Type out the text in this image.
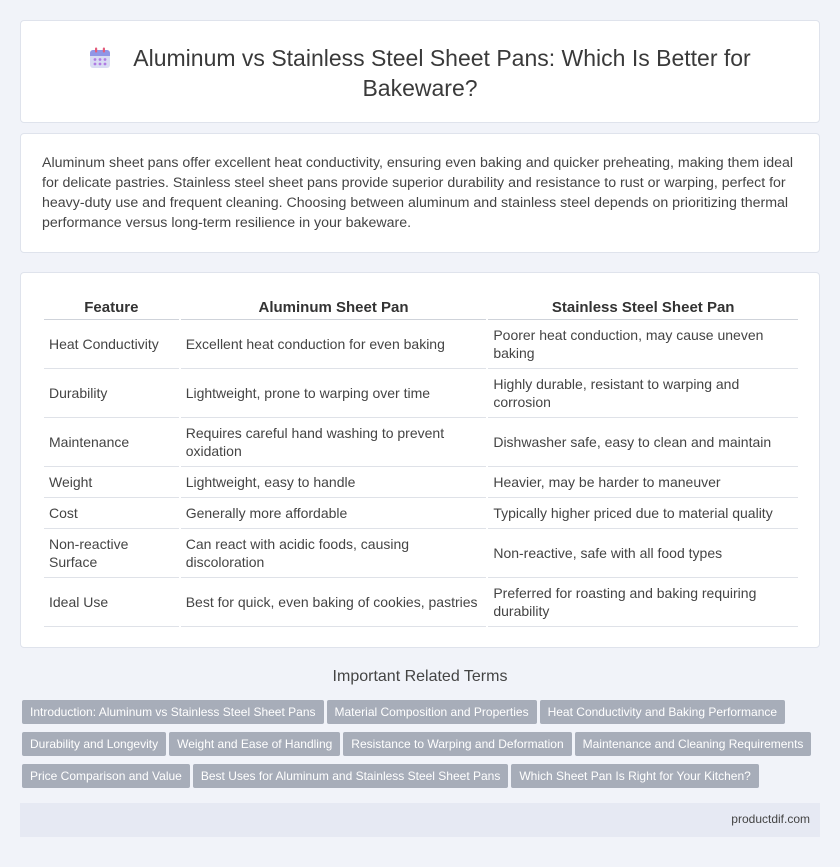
Aluminum vs Stainless Steel Sheet Pans: Which Is Better for
Bakeware?

Aluminum sheet pans offer excellent heat conductivity, ensuring even baking and quicker preheating, making them ideal for delicate pastries. Stainless steel sheet pans provide superior durability and resistance to rust or warping, perfect for heavy-duty use and frequent cleaning. Choosing between aluminum and stainless steel depends on prioritizing thermal performance versus long-term resilience in your bakeware.

Feature	Aluminum Sheet Pan	Stainless Steel Sheet Pan
Heat Conductivity	Excellent heat conduction for even baking	Poorer heat conduction, may cause uneven baking
Durability	Lightweight, prone to warping over time	Highly durable, resistant to warping and corrosion
Maintenance	Requires careful hand washing to prevent oxidation	Dishwasher safe, easy to clean and maintain
Weight	Lightweight, easy to handle	Heavier, may be harder to maneuver
Cost	Generally more affordable	Typically higher priced due to material quality
Non-reactive Surface	Can react with acidic foods, causing discoloration	Non-reactive, safe with all food types
Ideal Use	Best for quick, even baking of cookies, pastries	Preferred for roasting and baking requiring durability
Important Related Terms
Introduction: Aluminum vs Stainless Steel Sheet Pans Material Composition and Properties Heat Conductivity and Baking Performance
Durability and Longevity Weight and Ease of Handling Resistance to Warping and Deformation Maintenance and Cleaning Requirements
Price Comparison and Value Best Uses for Aluminum and Stainless Steel Sheet Pans Which Sheet Pan Is Right for Your Kitchen?
productdif.com
